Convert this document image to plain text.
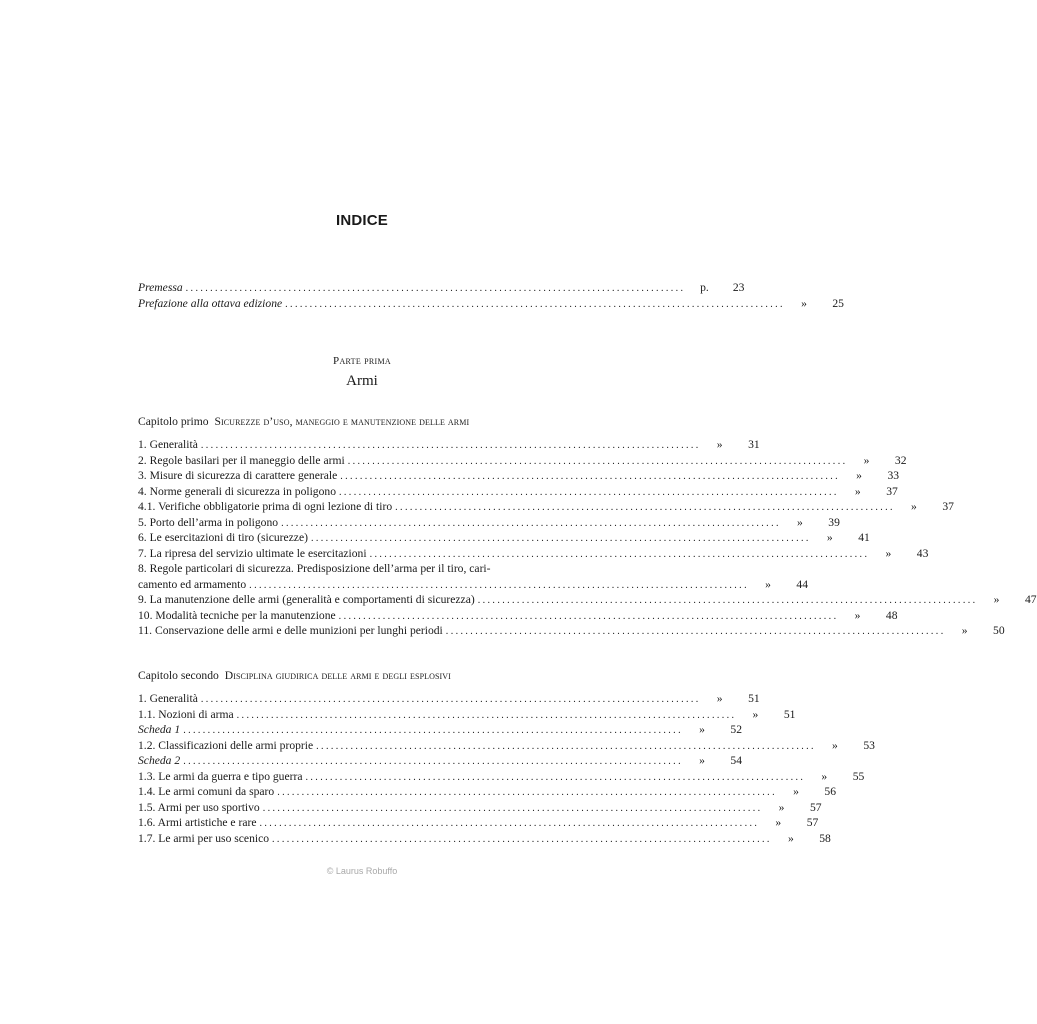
INDICE
Premessa ......................................................................................................	p.	23
Prefazione alla ottava edizione ......................................................................................................	»	25
Parte prima
Armi
Capitolo primo Sicurezze d’uso, maneggio e manutenzione delle armi
1. Generalità ......................................................................................................	»	31
2. Regole basilari per il maneggio delle armi ......................................................................................................	»	32
3. Misure di sicurezza di carattere generale ......................................................................................................	»	33
4. Norme generali di sicurezza in poligono ......................................................................................................	»	37
4.1. Verifiche obbligatorie prima di ogni lezione di tiro ......................................................................................................	»	37
5. Porto dell’arma in poligono ......................................................................................................	»	39
6. Le esercitazioni di tiro (sicurezze) ......................................................................................................	»	41
7. La ripresa del servizio ultimate le esercitazioni ......................................................................................................	»	43
8. Regole particolari di sicurezza. Predisposizione dell’arma per il tiro, cari-
camento ed armamento ......................................................................................................	»	44
9. La manutenzione delle armi (generalità e comportamenti di sicurezza) ......................................................................................................	»	47
10. Modalità tecniche per la manutenzione ......................................................................................................	»	48
11. Conservazione delle armi e delle munizioni per lunghi periodi ......................................................................................................	»	50
Capitolo secondo Disciplina giudirica delle armi e degli esplosivi
1. Generalità ......................................................................................................	»	51
1.1. Nozioni di arma ......................................................................................................	»	51
Scheda 1 ......................................................................................................	»	52
1.2. Classificazioni delle armi proprie ......................................................................................................	»	53
Scheda 2 ......................................................................................................	»	54
1.3. Le armi da guerra e tipo guerra ......................................................................................................	»	55
1.4. Le armi comuni da sparo ......................................................................................................	»	56
1.5. Armi per uso sportivo ......................................................................................................	»	57
1.6. Armi artistiche e rare ......................................................................................................	»	57
1.7. Le armi per uso scenico ......................................................................................................	»	58
© Laurus Robuffo
